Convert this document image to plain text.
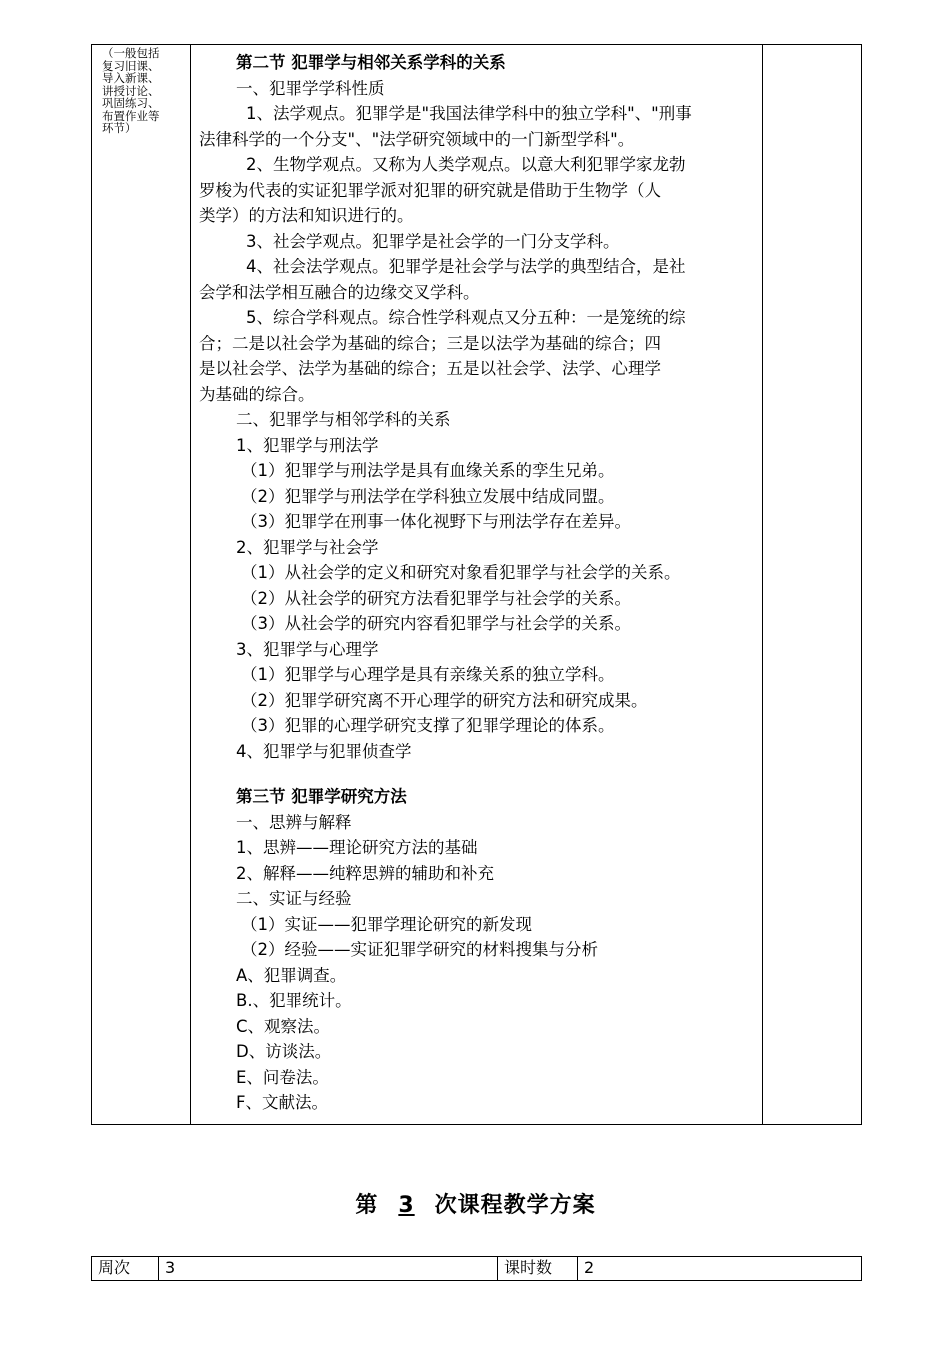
（一般包括
复习旧课、
导入新课、
讲授讨论、
巩固练习、
布置作业等
环节）
第二节 犯罪学与相邻关系学科的关系
一、犯罪学学科性质
1、法学观点。犯罪学是"我国法律学科中的独立学科"、"刑事
法律科学的一个分支"、"法学研究领域中的一门新型学科"。
2、生物学观点。又称为人类学观点。以意大利犯罪学家龙勃
罗梭为代表的实证犯罪学派对犯罪的研究就是借助于生物学（人
类学）的方法和知识进行的。
3、社会学观点。犯罪学是社会学的一门分支学科。
4、社会法学观点。犯罪学是社会学与法学的典型结合，是社
会学和法学相互融合的边缘交叉学科。
5、综合学科观点。综合性学科观点又分五种：一是笼统的综
合；二是以社会学为基础的综合；三是以法学为基础的综合；四
是以社会学、法学为基础的综合；五是以社会学、法学、心理学
为基础的综合。
二、犯罪学与相邻学科的关系
1、犯罪学与刑法学
（1）犯罪学与刑法学是具有血缘关系的孪生兄弟。
（2）犯罪学与刑法学在学科独立发展中结成同盟。
（3）犯罪学在刑事一体化视野下与刑法学存在差异。
2、犯罪学与社会学
（1）从社会学的定义和研究对象看犯罪学与社会学的关系。
（2）从社会学的研究方法看犯罪学与社会学的关系。
（3）从社会学的研究内容看犯罪学与社会学的关系。
3、犯罪学与心理学
（1）犯罪学与心理学是具有亲缘关系的独立学科。
（2）犯罪学研究离不开心理学的研究方法和研究成果。
（3）犯罪的心理学研究支撑了犯罪学理论的体系。
4、犯罪学与犯罪侦查学
第三节 犯罪学研究方法
一、思辨与解释
1、思辨——理论研究方法的基础
2、解释——纯粹思辨的辅助和补充
二、实证与经验
（1）实证——犯罪学理论研究的新发现
（2）经验——实证犯罪学研究的材料搜集与分析
A、犯罪调查。
B.、犯罪统计。
C、观察法。
D、访谈法。
E、问卷法。
F、文献法。
第 3 次课程教学方案
周次	3	课时数	2
